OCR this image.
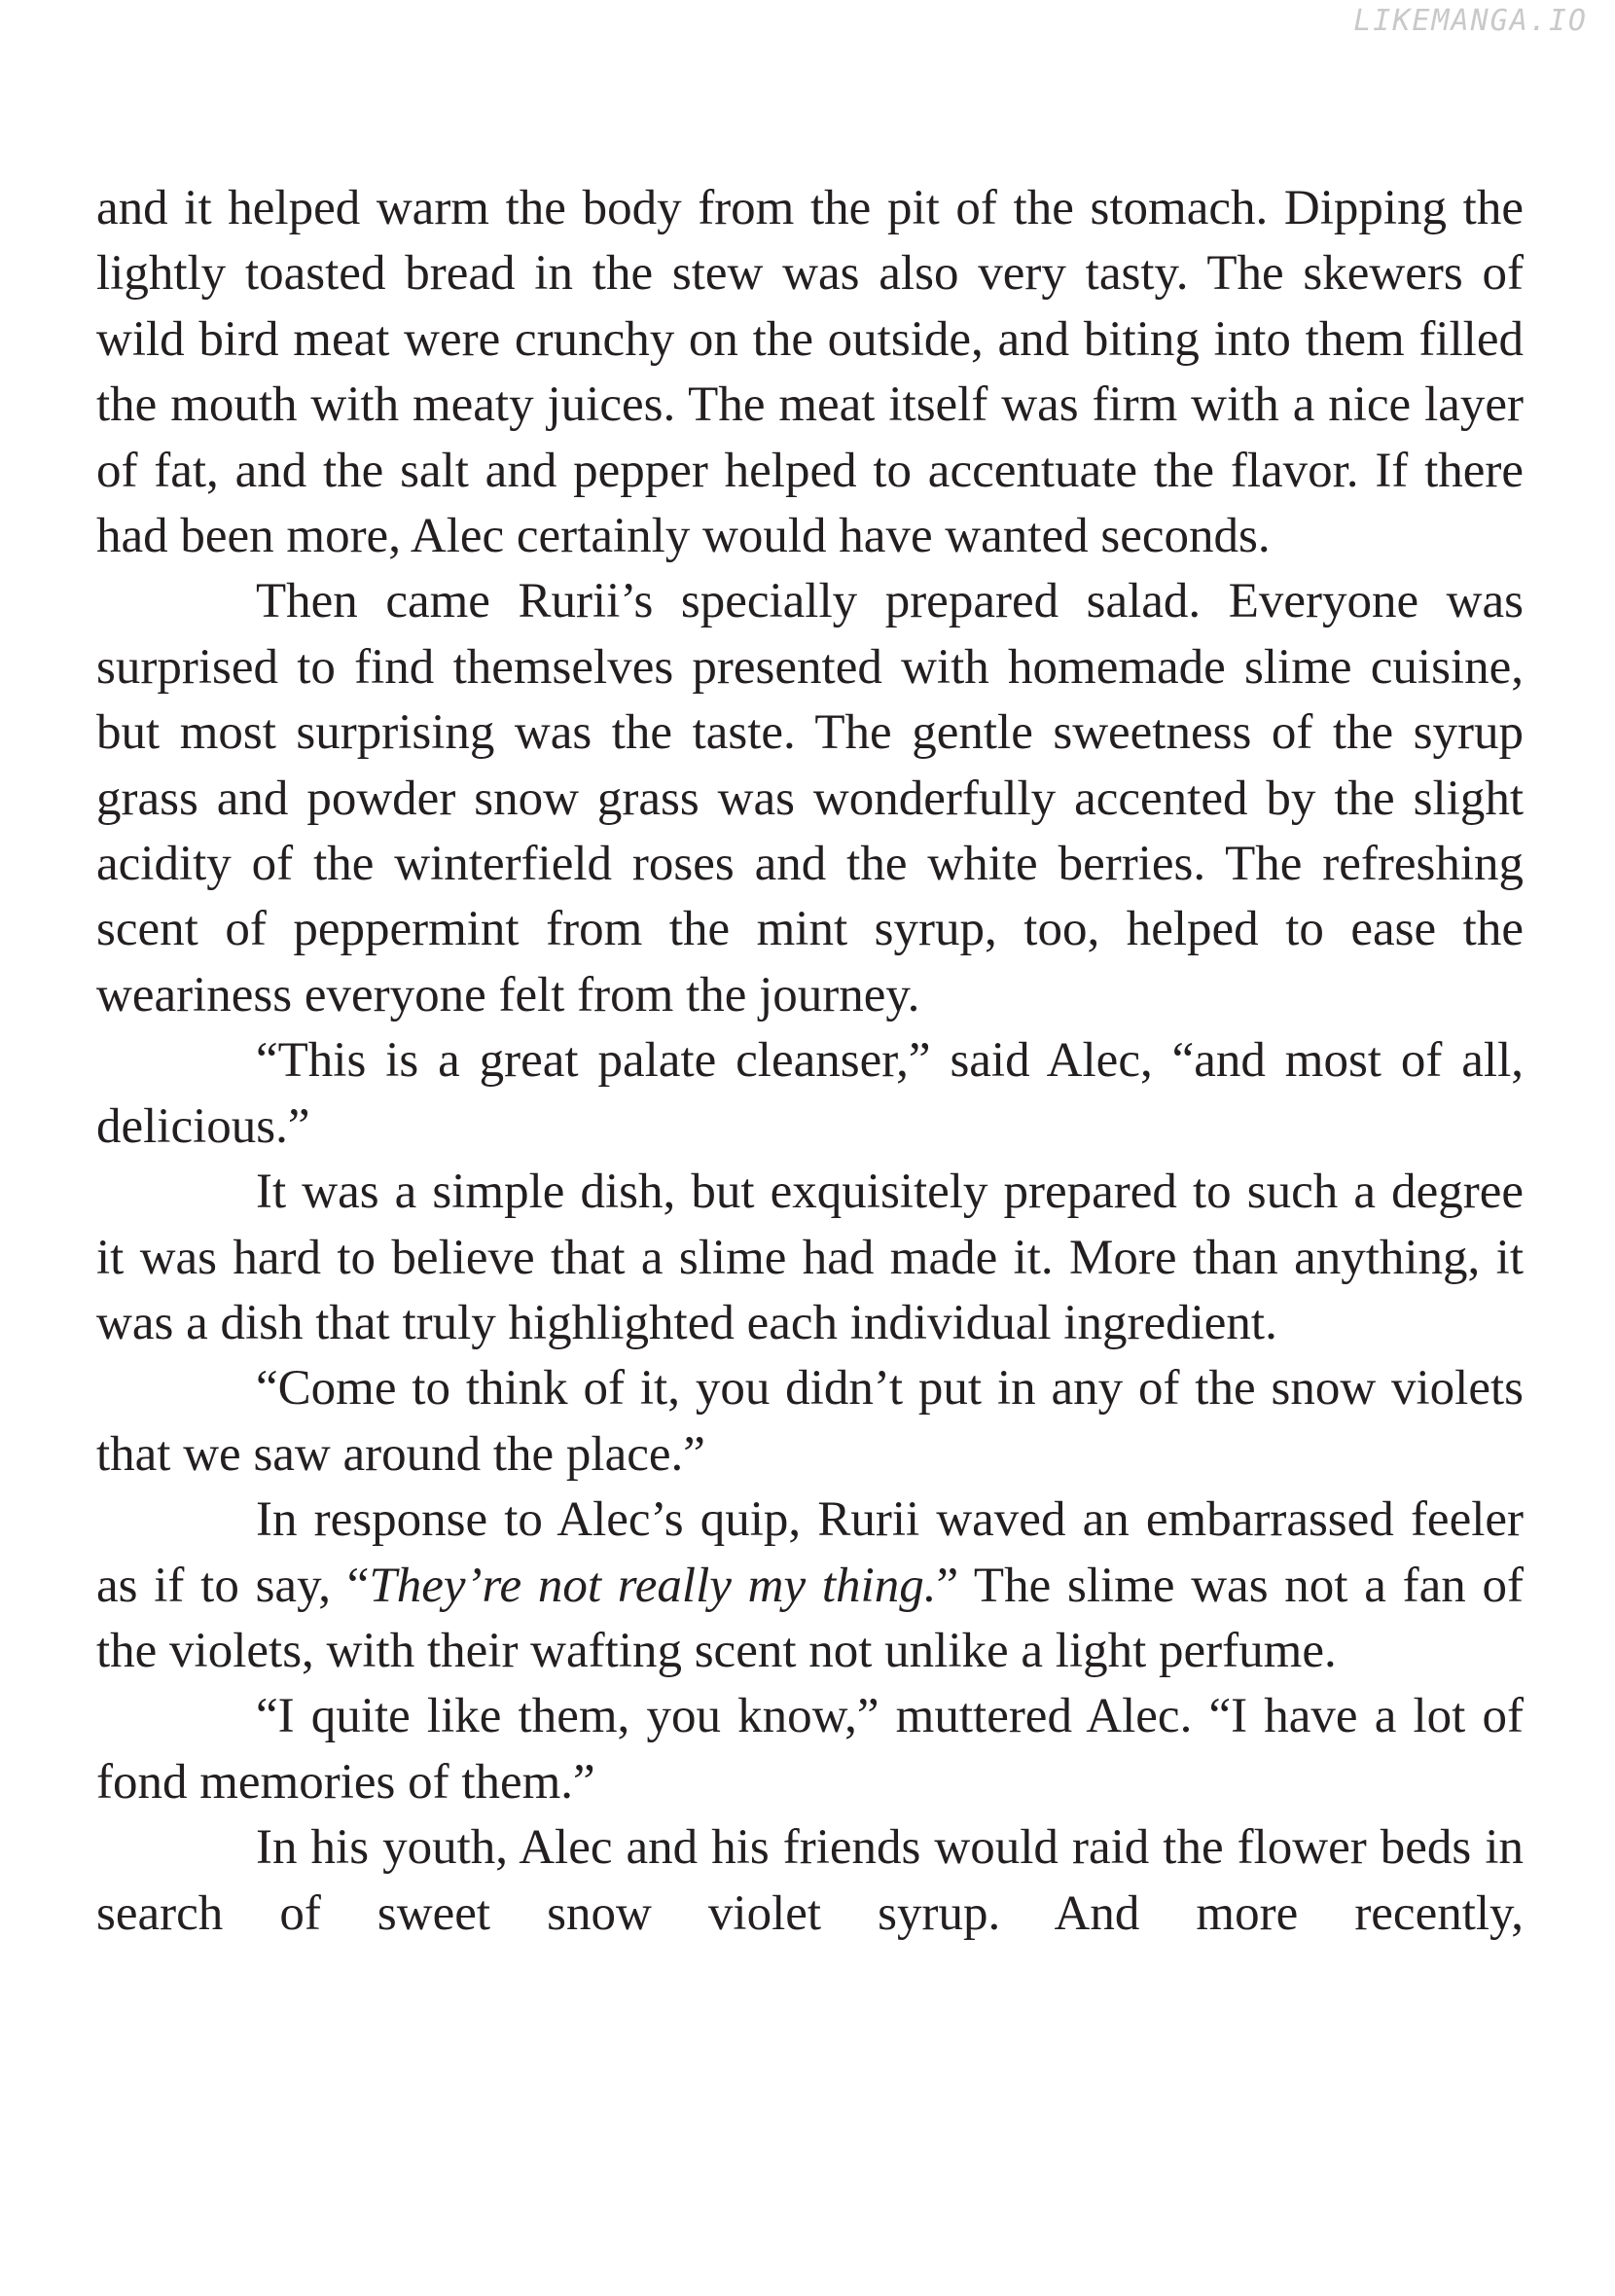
LIKEMANGA.IO

and it helped warm the body from the pit of the stomach. Dipping the lightly toasted bread in the stew was also very tasty. The skewers of wild bird meat were crunchy on the outside, and biting into them filled the mouth with meaty juices. The meat itself was firm with a nice layer of fat, and the salt and pepper helped to accentuate the flavor. If there had been more, Alec certainly would have wanted seconds.

Then came Rurii’s specially prepared salad. Everyone was surprised to find themselves presented with homemade slime cuisine, but most surprising was the taste. The gentle sweetness of the syrup grass and powder snow grass was wonderfully accented by the slight acidity of the winterfield roses and the white berries. The refreshing scent of peppermint from the mint syrup, too, helped to ease the weariness everyone felt from the journey.

“This is a great palate cleanser,” said Alec, “and most of all, delicious.”

It was a simple dish, but exquisitely prepared to such a degree it was hard to believe that a slime had made it. More than anything, it was a dish that truly highlighted each individual ingredient.

“Come to think of it, you didn’t put in any of the snow violets that we saw around the place.”

In response to Alec’s quip, Rurii waved an embarrassed feeler as if to say, “They’re not really my thing.” The slime was not a fan of the violets, with their wafting scent not unlike a light perfume.

“I quite like them, you know,” muttered Alec. “I have a lot of fond memories of them.”

In his youth, Alec and his friends would raid the flower beds in search of sweet snow violet syrup. And more recently,
